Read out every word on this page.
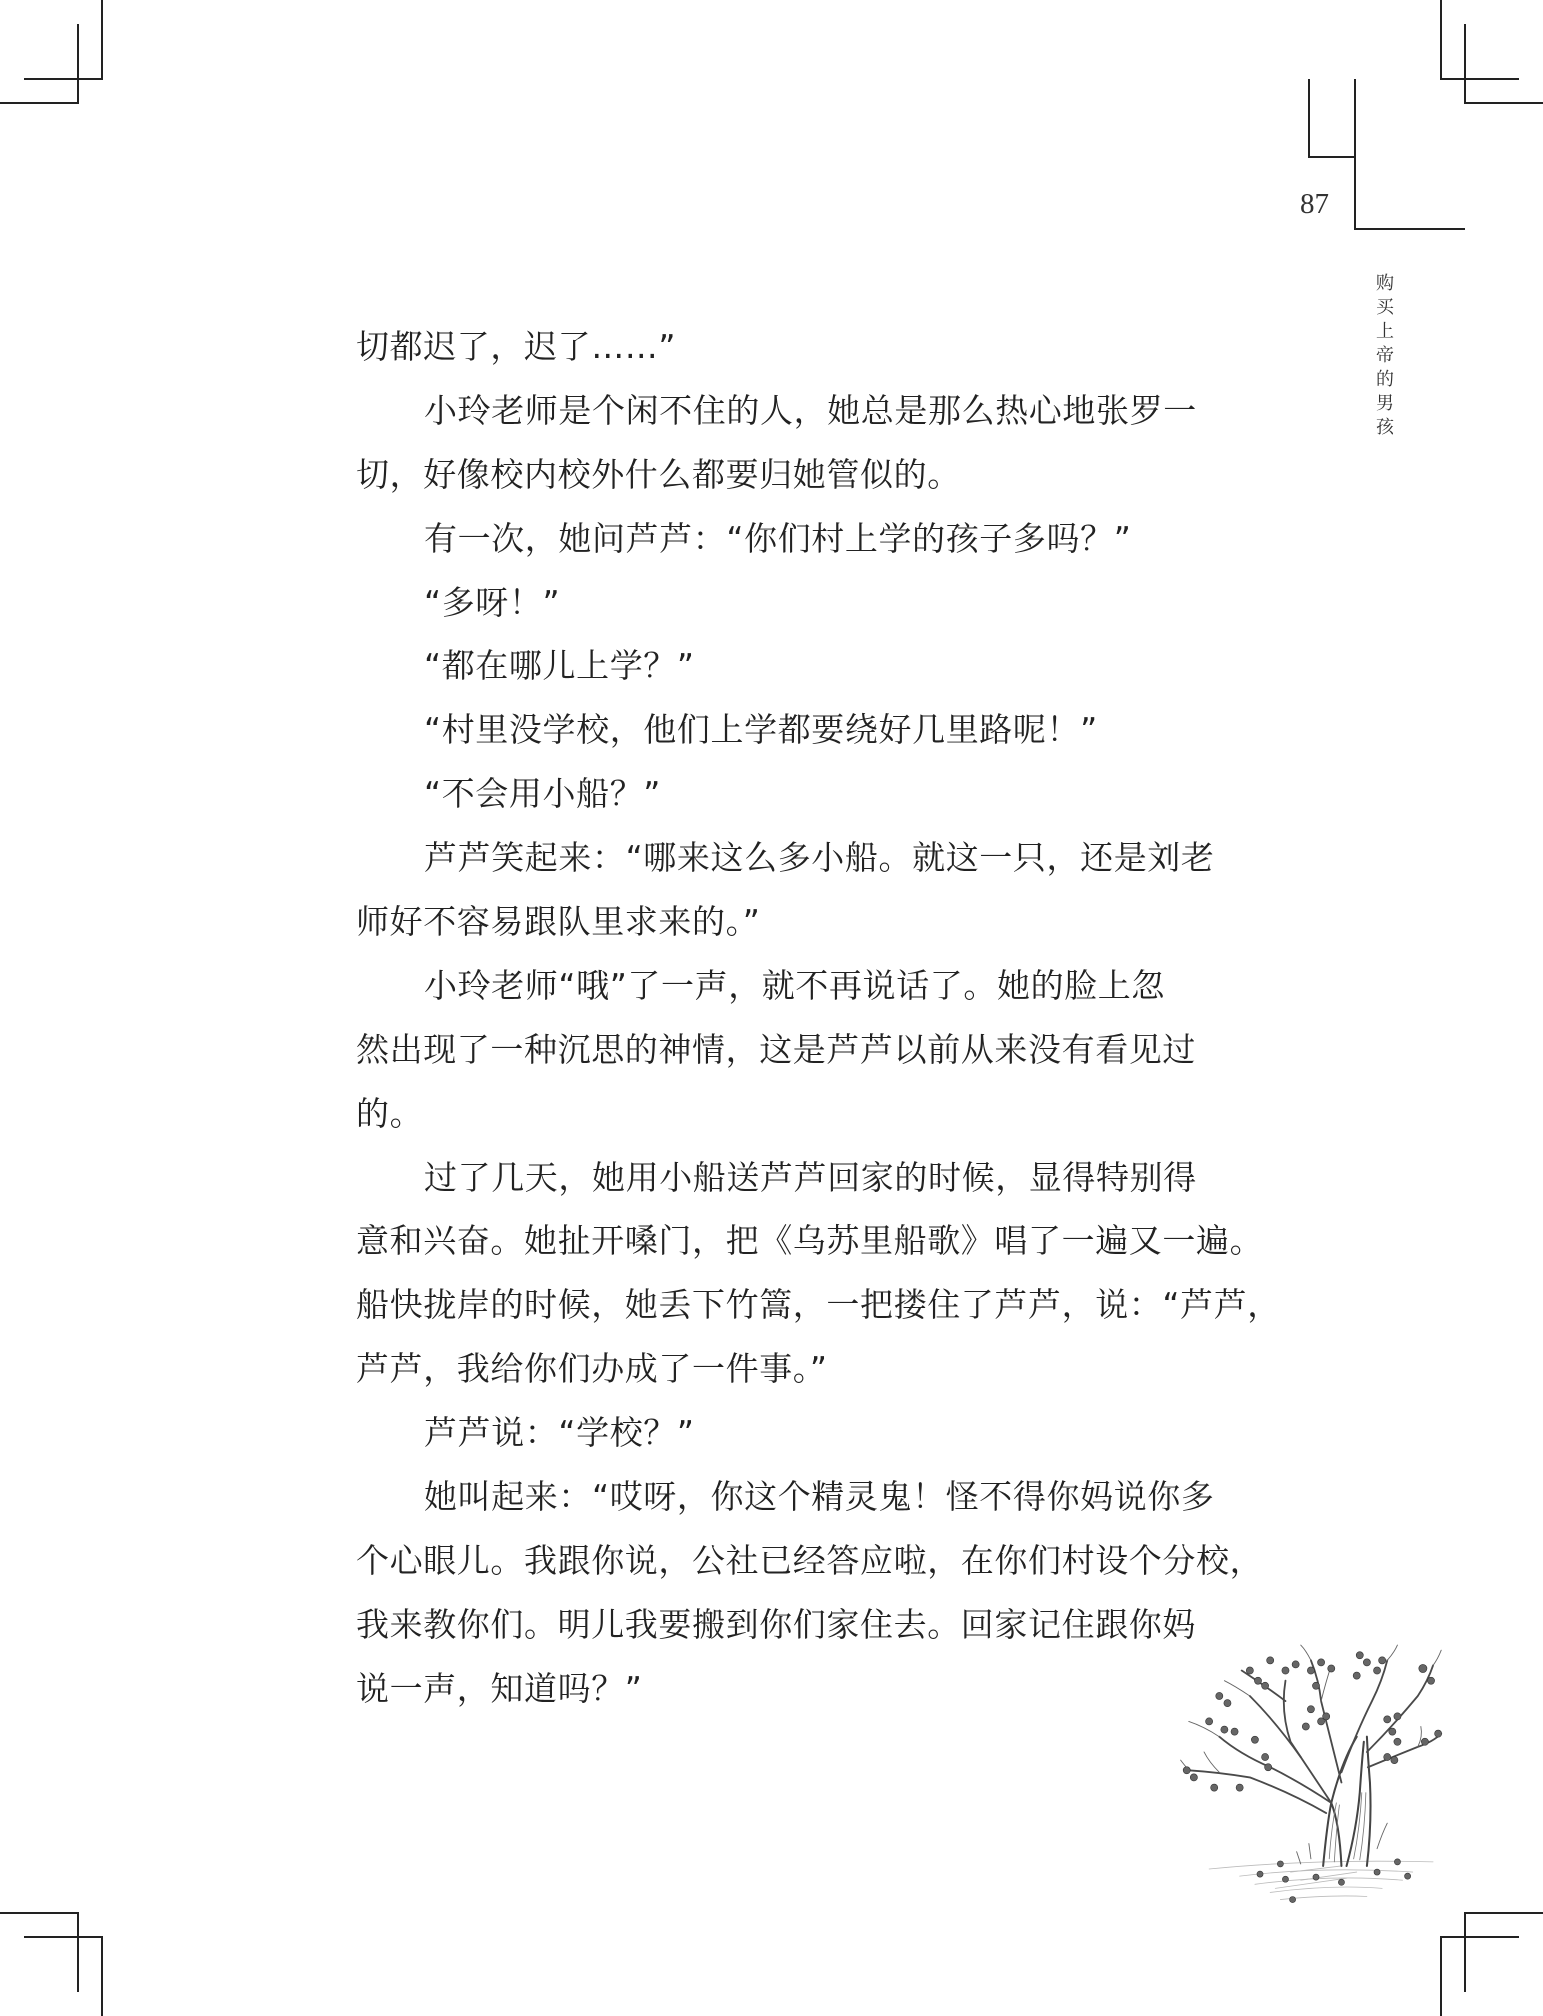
87
购
买
上
帝
的
男
孩
切都迟了，迟了……”
小玲老师是个闲不住的人，她总是那么热心地张罗一
切，好像校内校外什么都要归她管似的。
有一次，她问芦芦：“你们村上学的孩子多吗？”
“多呀！”
“都在哪儿上学？”
“村里没学校，他们上学都要绕好几里路呢！”
“不会用小船？”
芦芦笑起来：“哪来这么多小船。就这一只，还是刘老
师好不容易跟队里求来的。”
小玲老师“哦”了一声，就不再说话了。她的脸上忽
然出现了一种沉思的神情，这是芦芦以前从来没有看见过
的。
过了几天，她用小船送芦芦回家的时候，显得特别得
意和兴奋。她扯开嗓门，把《乌苏里船歌》唱了一遍又一遍。
船快拢岸的时候，她丢下竹篙，一把搂住了芦芦，说：“芦芦，
芦芦，我给你们办成了一件事。”
芦芦说：“学校？”
她叫起来：“哎呀，你这个精灵鬼！怪不得你妈说你多
个心眼儿。我跟你说，公社已经答应啦，在你们村设个分校，
我来教你们。明儿我要搬到你们家住去。回家记住跟你妈
说一声，知道吗？”
